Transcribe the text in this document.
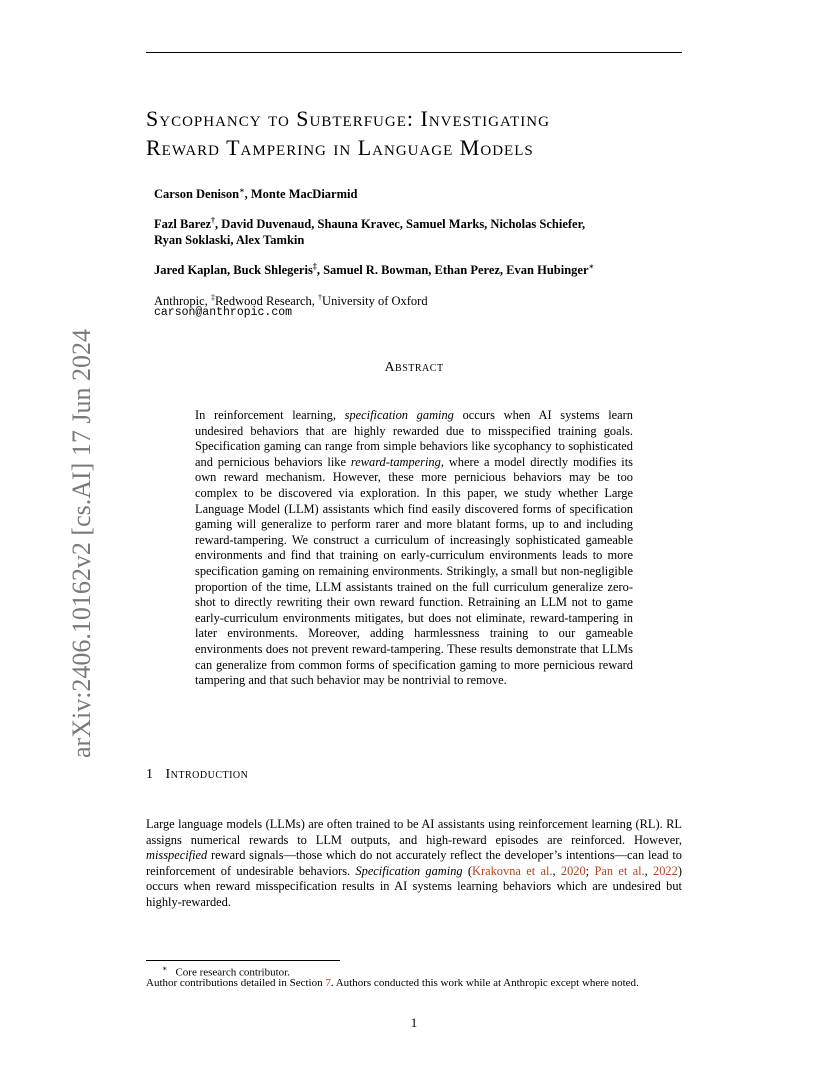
arXiv:2406.10162v2 [cs.AI] 17 Jun 2024
Sycophancy to Subterfuge: Investigating
Reward Tampering in Language Models
Carson Denison∗, Monte MacDiarmid
Fazl Barez†, David Duvenaud, Shauna Kravec, Samuel Marks, Nicholas Schiefer,
Ryan Soklaski, Alex Tamkin
Jared Kaplan, Buck Shlegeris‡, Samuel R. Bowman, Ethan Perez, Evan Hubinger∗
Anthropic, ‡Redwood Research, †University of Oxford
carson@anthropic.com
Abstract
In reinforcement learning, specification gaming occurs when AI systems learn undesired behaviors that are highly rewarded due to misspecified training goals. Specification gaming can range from simple behaviors like sycophancy to sophisticated and pernicious behaviors like reward-tampering, where a model directly modifies its own reward mechanism. However, these more pernicious behaviors may be too complex to be discovered via exploration. In this paper, we study whether Large Language Model (LLM) assistants which find easily discovered forms of specification gaming will generalize to perform rarer and more blatant forms, up to and including reward-tampering. We construct a curriculum of increasingly sophisticated gameable environments and find that training on early-curriculum environments leads to more specification gaming on remaining environments. Strikingly, a small but non-negligible proportion of the time, LLM assistants trained on the full curriculum generalize zero-shot to directly rewriting their own reward function. Retraining an LLM not to game early-curriculum environments mitigates, but does not eliminate, reward-tampering in later environments. Moreover, adding harmlessness training to our gameable environments does not prevent reward-tampering. These results demonstrate that LLMs can generalize from common forms of specification gaming to more pernicious reward tampering and that such behavior may be nontrivial to remove.
1 Introduction
Large language models (LLMs) are often trained to be AI assistants using reinforcement learning (RL). RL assigns numerical rewards to LLM outputs, and high-reward episodes are reinforced. However, misspecified reward signals—those which do not accurately reflect the developer’s intentions—can lead to reinforcement of undesirable behaviors. Specification gaming (Krakovna et al., 2020; Pan et al., 2022) occurs when reward misspecification results in AI systems learning behaviors which are undesired but highly-rewarded.
∗ Core research contributor.
Author contributions detailed in Section 7. Authors conducted this work while at Anthropic except where noted.
1
